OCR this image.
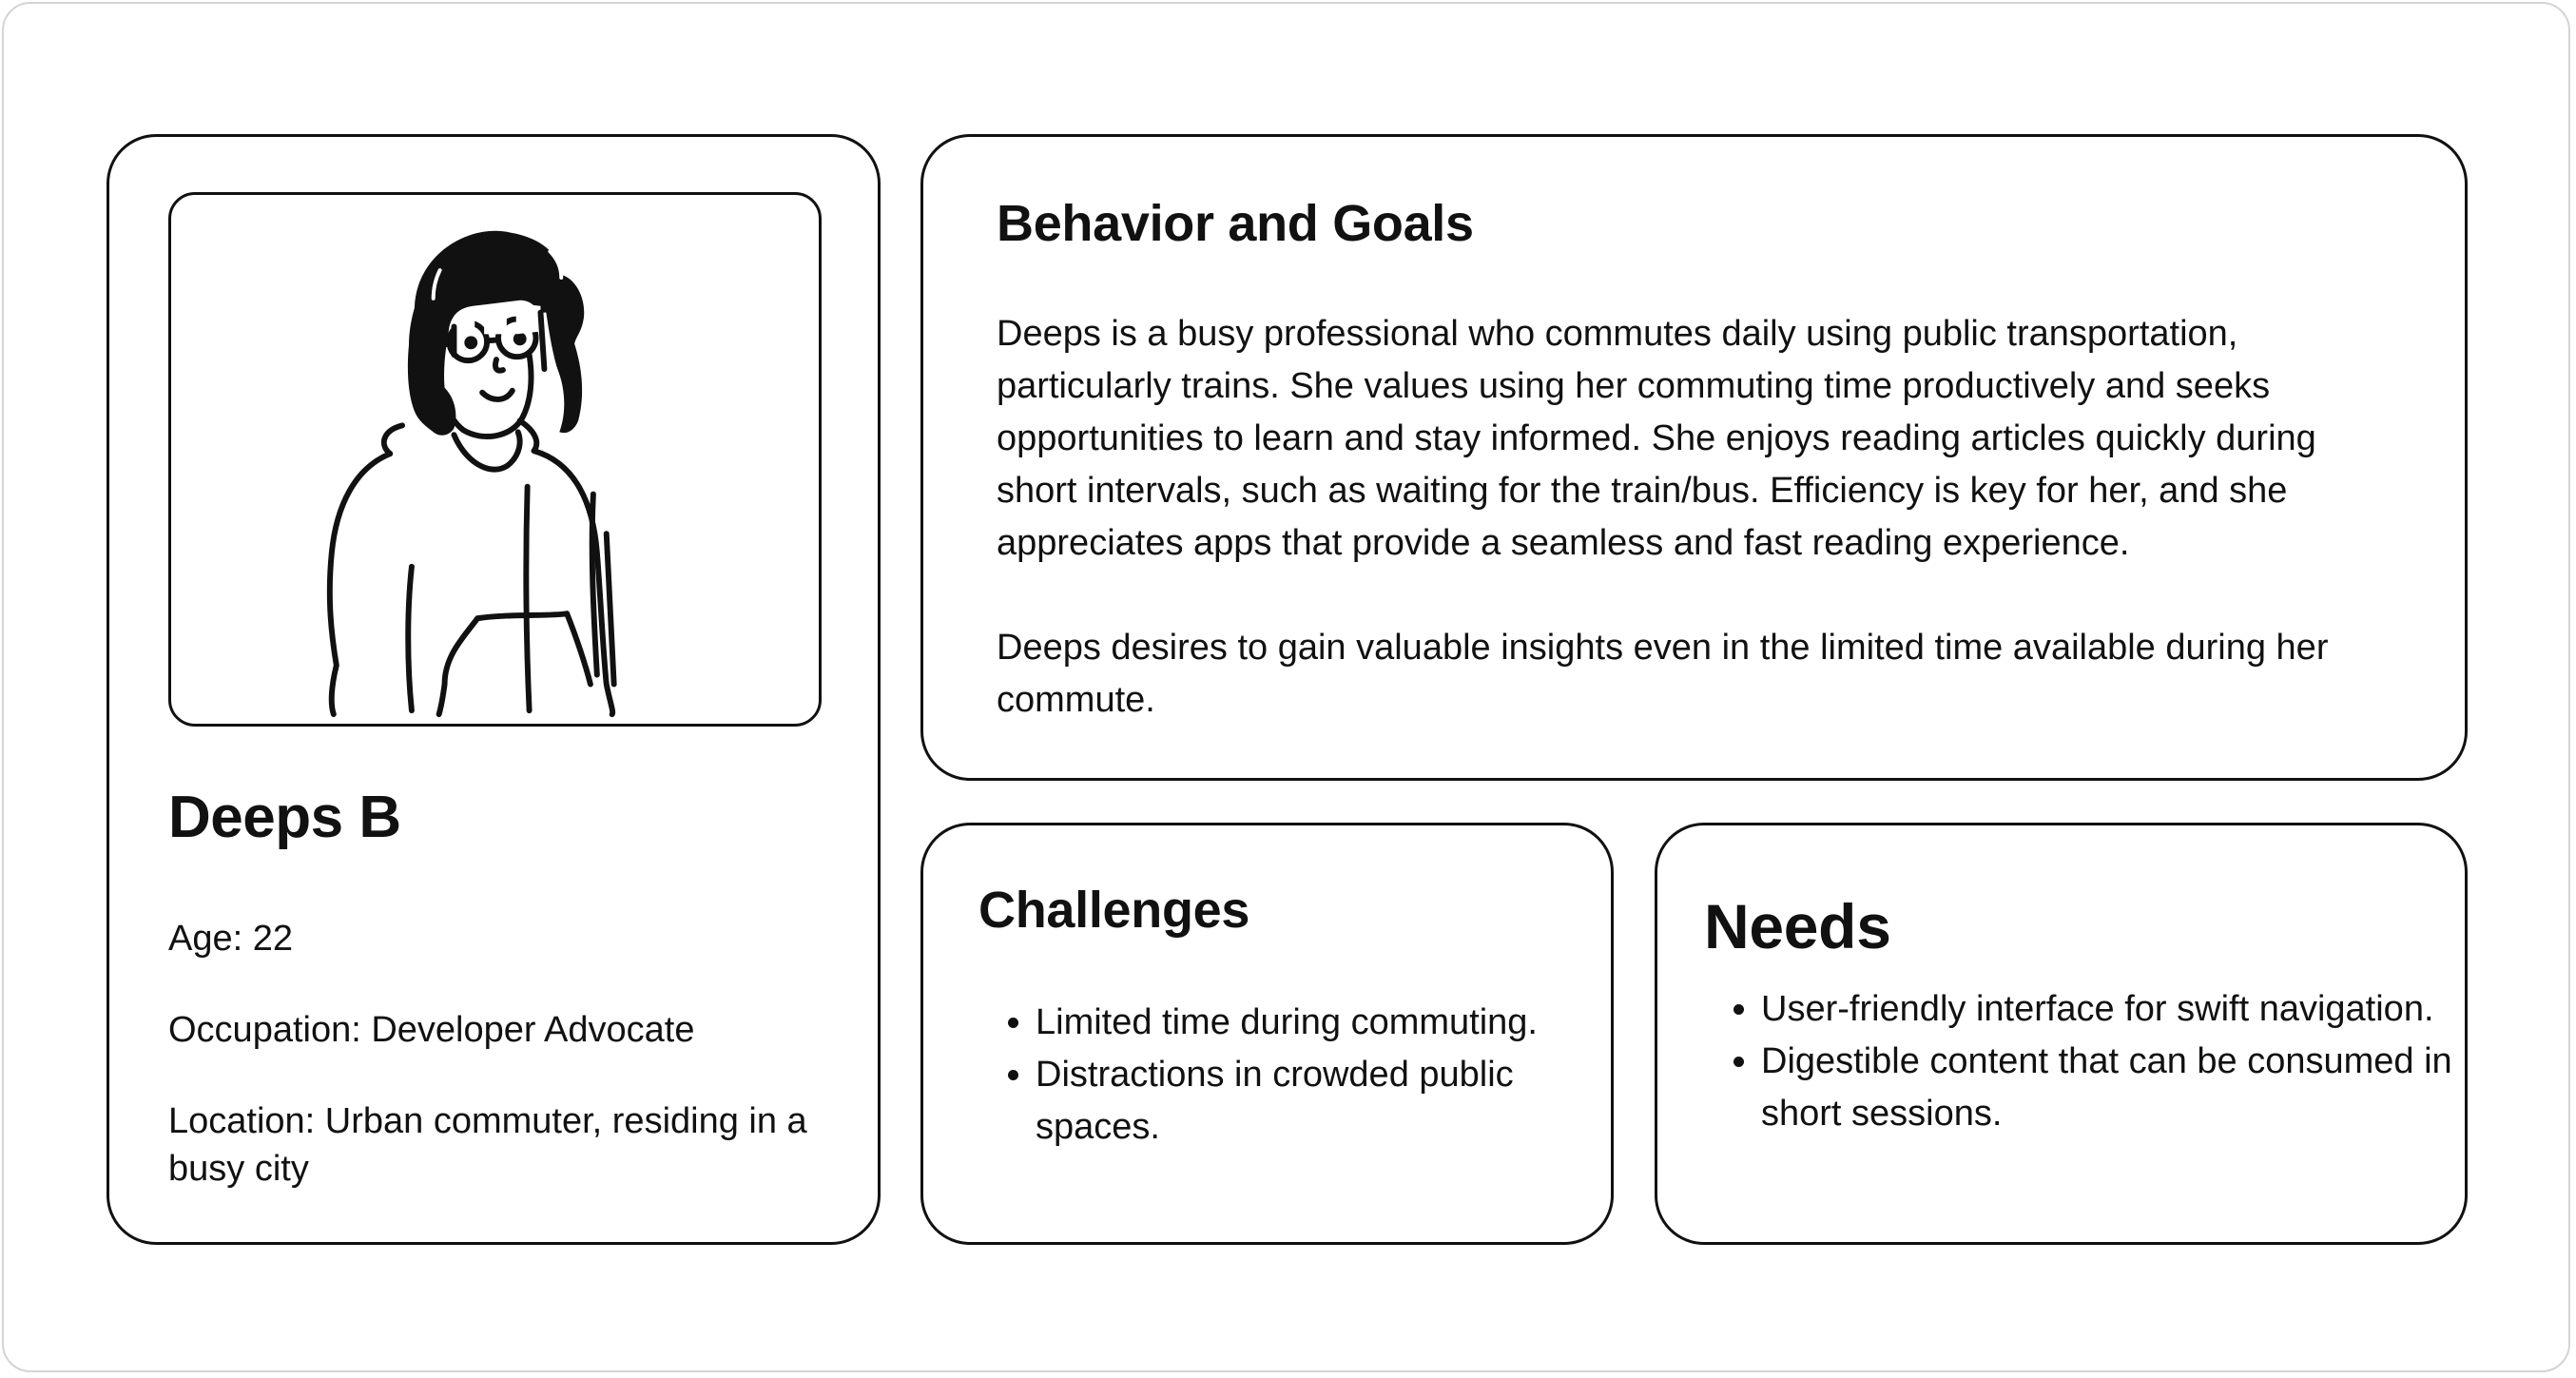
Deeps B

Age: 22

Occupation: Developer Advocate

Location: Urban commuter, residing in a busy city

Behavior and Goals

Deeps is a busy professional who commutes daily using public transportation, particularly trains. She values using her commuting time productively and seeks opportunities to learn and stay informed. She enjoys reading articles quickly during short intervals, such as waiting for the train/bus. Efficiency is key for her, and she appreciates apps that provide a seamless and fast reading experience.

Deeps desires to gain valuable insights even in the limited time available during her commute.

Challenges
• Limited time during commuting.
• Distractions in crowded public spaces.
Needs
• User-friendly interface for swift navigation.
• Digestible content that can be consumed in short sessions.
